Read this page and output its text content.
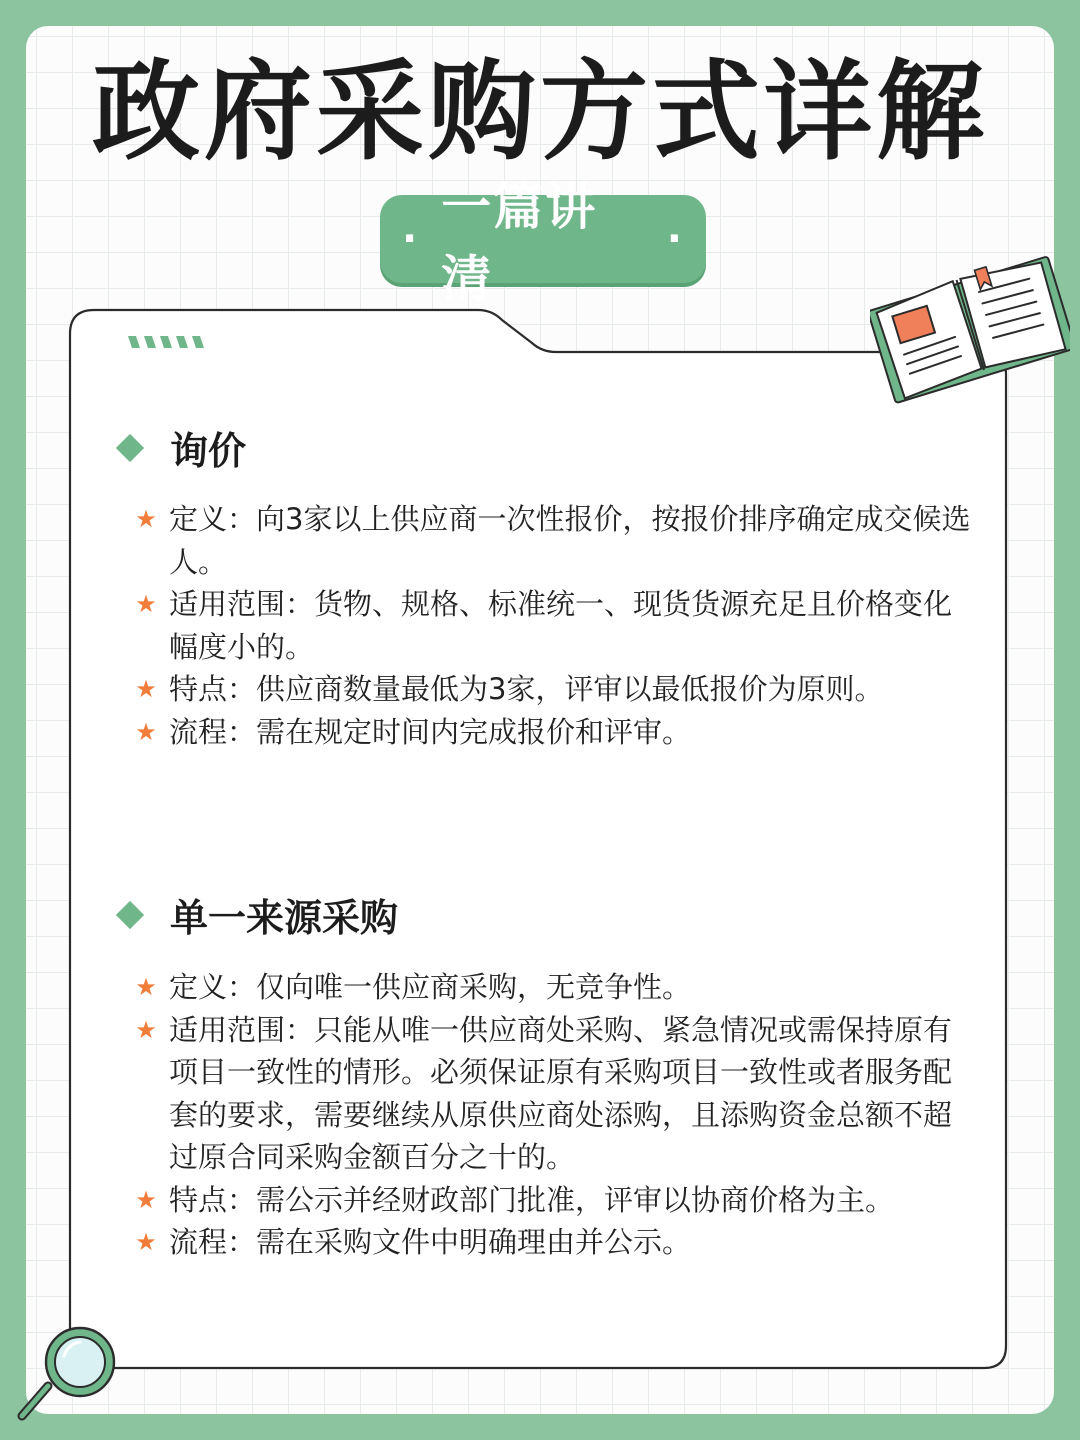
政府采购方式详解
·
一篇讲清
·
询价
★ 定义：向3家以上供应商一次性报价，按报价排序确定成交候选人。
★ 适用范围：货物、规格、标准统一、现货货源充足且价格变化幅度小的。
★ 特点：供应商数量最低为3家，评审以最低报价为原则。
★ 流程：需在规定时间内完成报价和评审。
单一来源采购
★ 定义：仅向唯一供应商采购，无竞争性。
★ 适用范围：只能从唯一供应商处采购、紧急情况或需保持原有项目一致性的情形。必须保证原有采购项目一致性或者服务配套的要求，需要继续从原供应商处添购，且添购资金总额不超过原合同采购金额百分之十的。
★ 特点：需公示并经财政部门批准，评审以协商价格为主。
★ 流程：需在采购文件中明确理由并公示。
